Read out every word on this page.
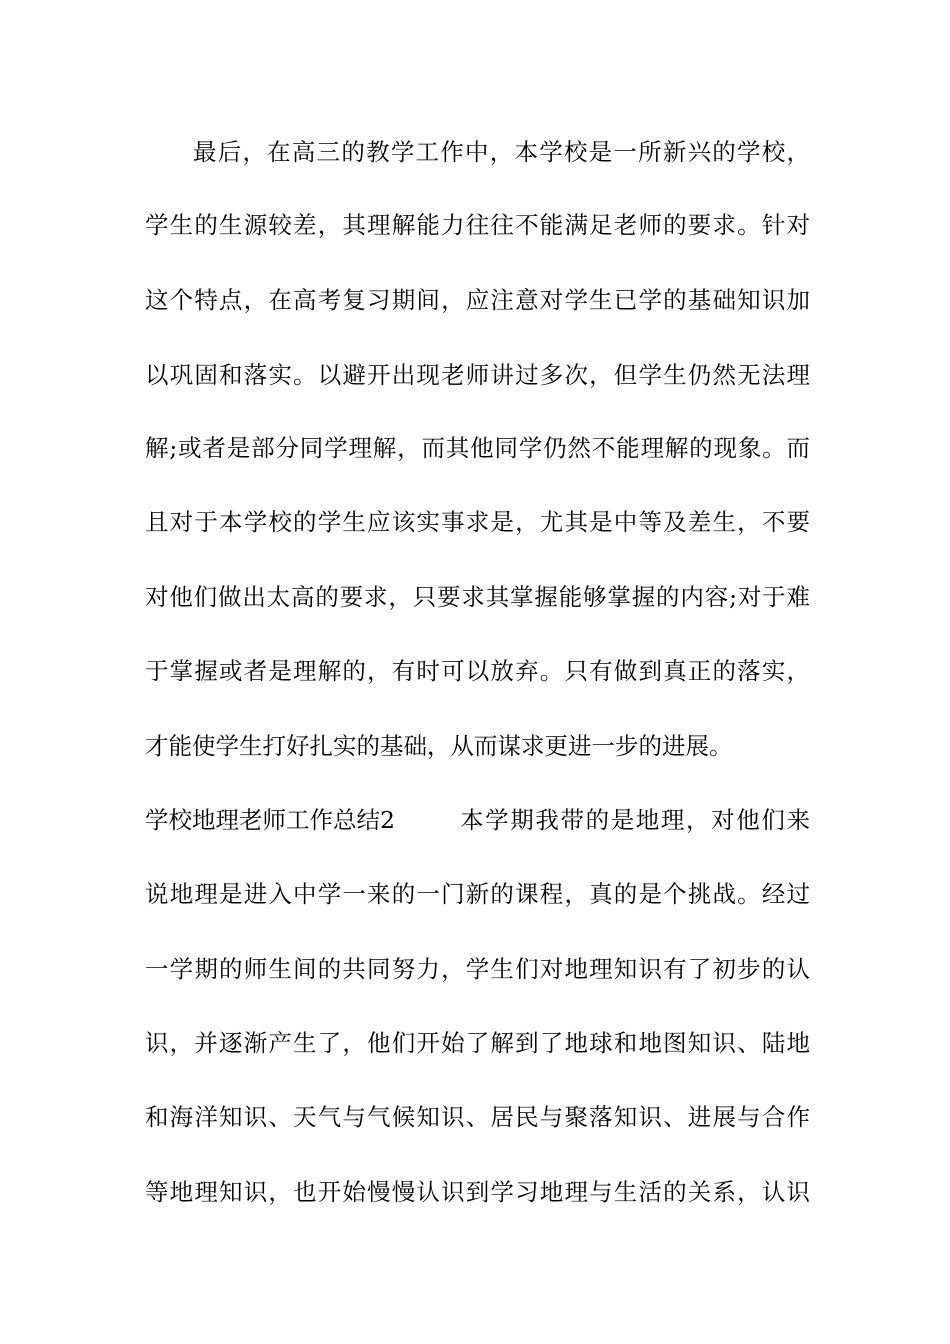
最后，在高三的教学工作中，本学校是一所新兴的学校，
学生的生源较差，其理解能力往往不能满足老师的要求。针对
这个特点，在高考复习期间，应注意对学生已学的基础知识加
以巩固和落实。以避开出现老师讲过多次，但学生仍然无法理
解;或者是部分同学理解，而其他同学仍然不能理解的现象。而
且对于本学校的学生应该实事求是，尤其是中等及差生，不要
对他们做出太高的要求，只要求其掌握能够掌握的内容;对于难
于掌握或者是理解的，有时可以放弃。只有做到真正的落实，
才能使学生打好扎实的基础，从而谋求更进一步的进展。
学校地理老师工作总结2	本学期我带的是地理，对他们来
说地理是进入中学一来的一门新的课程，真的是个挑战。经过
一学期的师生间的共同努力，学生们对地理知识有了初步的认
识，并逐渐产生了，他们开始了解到了地球和地图知识、陆地
和海洋知识、天气与气候知识、居民与聚落知识、进展与合作
等地理知识，也开始慢慢认识到学习地理与生活的关系，认识
